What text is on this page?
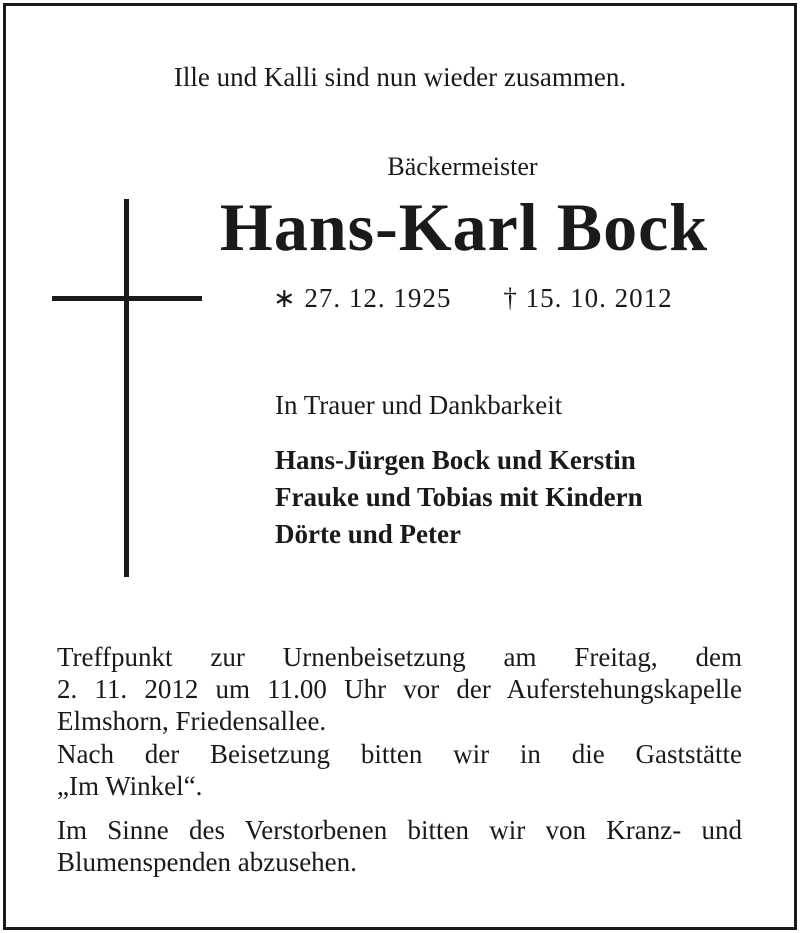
Ille und Kalli sind nun wieder zusammen.
Bäckermeister
Hans-Karl Bock
∗ 27. 12. 1925 † 15. 10. 2012
In Trauer und Dankbarkeit
Hans-Jürgen Bock und Kerstin
Frauke und Tobias mit Kindern
Dörte und Peter
Treffpunkt zur Urnenbeisetzung am Freitag, dem
2. 11. 2012 um 11.00 Uhr vor der Auferstehungskapelle
Elmshorn, Friedensallee.
Nach der Beisetzung bitten wir in die Gaststätte
„Im Winkel“.
Im Sinne des Verstorbenen bitten wir von Kranz- und
Blumenspenden abzusehen.
